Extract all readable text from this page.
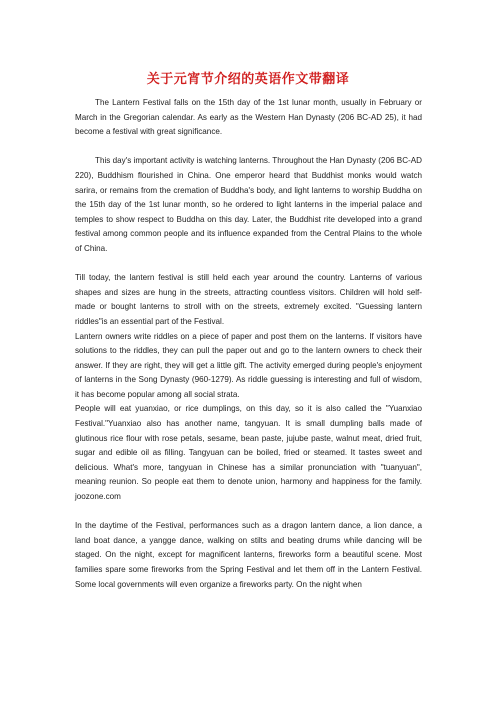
关于元宵节介绍的英语作文带翻译

The Lantern Festival falls on the 15th day of the 1st lunar month, usually in February or March in the Gregorian calendar. As early as the Western Han Dynasty (206 BC-AD 25), it had become a festival with great significance.

This day's important activity is watching lanterns. Throughout the Han Dynasty (206 BC-AD 220), Buddhism flourished in China. One emperor heard that Buddhist monks would watch sarira, or remains from the cremation of Buddha's body, and light lanterns to worship Buddha on the 15th day of the 1st lunar month, so he ordered to light lanterns in the imperial palace and temples to show respect to Buddha on this day. Later, the Buddhist rite developed into a grand festival among common people and its influence expanded from the Central Plains to the whole of China.

Till today, the lantern festival is still held each year around the country. Lanterns of various shapes and sizes are hung in the streets, attracting countless visitors. Children will hold self-made or bought lanterns to stroll with on the streets, extremely excited. "Guessing lantern riddles"is an essential part of the Festival.

Lantern owners write riddles on a piece of paper and post them on the lanterns. If visitors have solutions to the riddles, they can pull the paper out and go to the lantern owners to check their answer. If they are right, they will get a little gift. The activity emerged during people's enjoyment of lanterns in the Song Dynasty (960-1279). As riddle guessing is interesting and full of wisdom, it has become popular among all social strata.

People will eat yuanxiao, or rice dumplings, on this day, so it is also called the "Yuanxiao Festival."Yuanxiao also has another name, tangyuan. It is small dumpling balls made of glutinous rice flour with rose petals, sesame, bean paste, jujube paste, walnut meat, dried fruit, sugar and edible oil as filling. Tangyuan can be boiled, fried or steamed. It tastes sweet and delicious. What's more, tangyuan in Chinese has a similar pronunciation with "tuanyuan", meaning reunion. So people eat them to denote union, harmony and happiness for the family. joozone.com

In the daytime of the Festival, performances such as a dragon lantern dance, a lion dance, a land boat dance, a yangge dance, walking on stilts and beating drums while dancing will be staged. On the night, except for magnificent lanterns, fireworks form a beautiful scene. Most families spare some fireworks from the Spring Festival and let them off in the Lantern Festival. Some local governments will even organize a fireworks party. On the night when
